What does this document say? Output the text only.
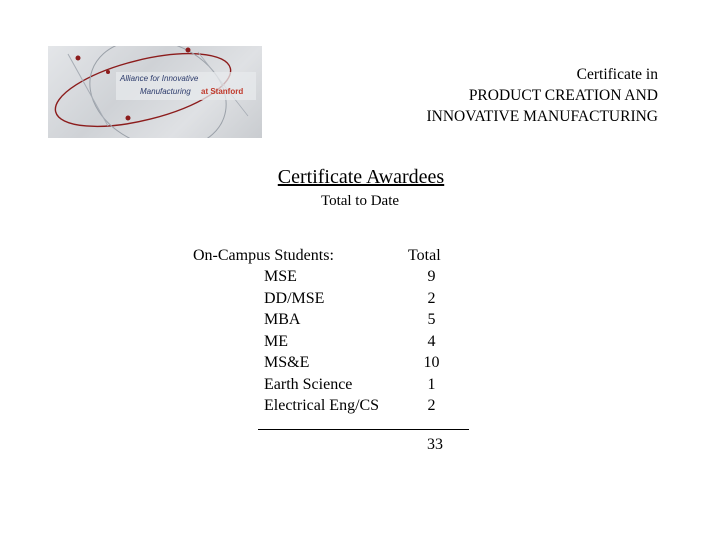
Alliance for Innovative
Manufacturing at Stanford
Certificate in
PRODUCT CREATION AND
INNOVATIVE MANUFACTURING
Certificate Awardees
Total to Date
On-Campus Students:	Total
MSE	9
DD/MSE	2
MBA	5
ME	4
MS&E	10
Earth Science	1
Electrical Eng/CS	2
33
